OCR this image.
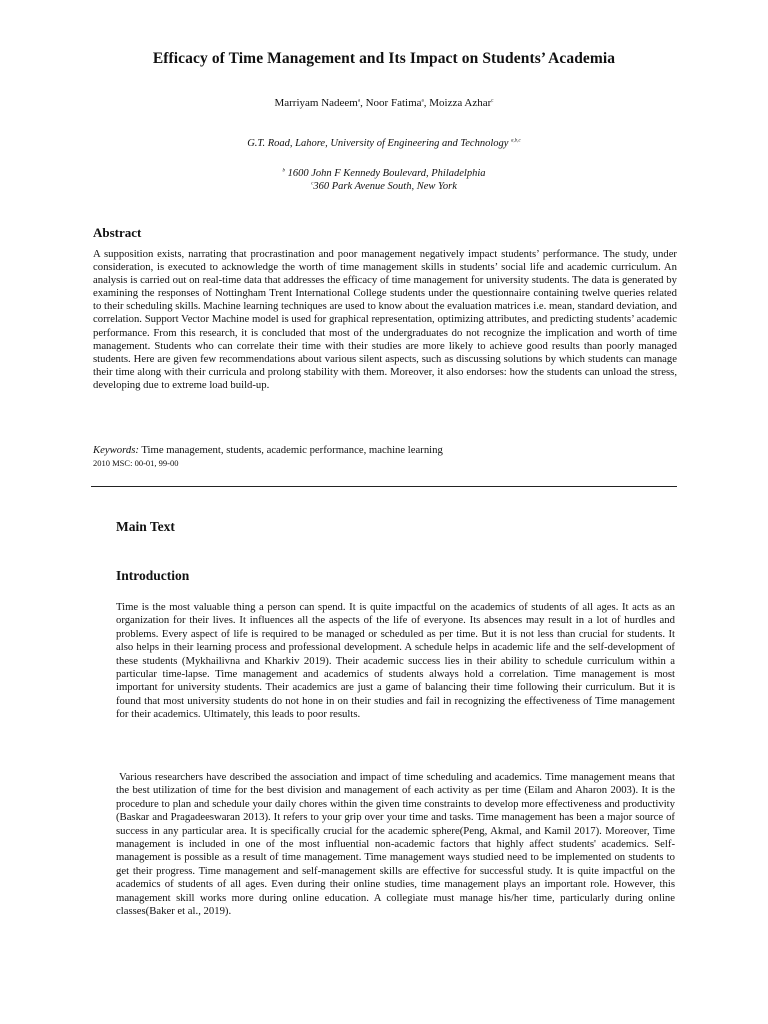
Efficacy of Time Management and Its Impact on Students’ Academia
Marriyam Nadeem$^a$, Noor Fatima$^a$, Moizza Azhar$^c$
G.T. Road, Lahore, University of Engineering and Technology $^{a,b,c}$
$^b$ 1600 John F Kennedy Boulevard, Philadelphia
$^c$360 Park Avenue South, New York
Abstract
A supposition exists, narrating that procrastination and poor management negatively impact students’ performance. The study, under consideration, is executed to acknowledge the worth of time management skills in students’ social life and academic curriculum. An analysis is carried out on real-time data that addresses the efficacy of time management for university students. The data is generated by examining the responses of Nottingham Trent International College students under the questionnaire containing twelve queries related to their scheduling skills. Machine learning techniques are used to know about the evaluation matrices i.e. mean, standard deviation, and correlation. Support Vector Machine model is used for graphical representation, optimizing attributes, and predicting students’ academic performance. From this research, it is concluded that most of the undergraduates do not recognize the implication and worth of time management. Students who can correlate their time with their studies are more likely to achieve good results than poorly managed students. Here are given few recommendations about various silent aspects, such as discussing solutions by which students can manage their time along with their curricula and prolong stability with them. Moreover, it also endorses: how the students can unload the stress, developing due to extreme load build-up.
Keywords: Time management, students, academic performance, machine learning
2010 MSC: 00-01, 99-00
Main Text
Introduction
Time is the most valuable thing a person can spend. It is quite impactful on the academics of students of all ages. It acts as an organization for their lives. It influences all the aspects of the life of everyone. Its absences may result in a lot of hurdles and problems. Every aspect of life is required to be managed or scheduled as per time. But it is not less than crucial for students. It also helps in their learning process and professional development. A schedule helps in academic life and the self-development of these students (Mykhailivna and Kharkiv 2019). Their academic success lies in their ability to schedule curriculum within a particular time-lapse. Time management and academics of students always hold a correlation. Time management is most important for university students. Their academics are just a game of balancing their time following their curriculum. But it is found that most university students do not hone in on their studies and fail in recognizing the effectiveness of Time management for their academics. Ultimately, this leads to poor results.
Various researchers have described the association and impact of time scheduling and academics. Time management means that the best utilization of time for the best division and management of each activity as per time (Eilam and Aharon 2003). It is the procedure to plan and schedule your daily chores within the given time constraints to develop more effectiveness and productivity (Baskar and Pragadeeswaran 2013). It refers to your grip over your time and tasks. Time management has been a major source of success in any particular area. It is specifically crucial for the academic sphere(Peng, Akmal, and Kamil 2017). Moreover, Time management is included in one of the most influential non-academic factors that highly affect students' academics. Self-management is possible as a result of time management. Time management ways studied need to be implemented on students to get their progress. Time management and self-management skills are effective for successful study. It is quite impactful on the academics of students of all ages. Even during their online studies, time management plays an important role. However, this management skill works more during online education. A collegiate must manage his/her time, particularly during online classes(Baker et al., 2019).
